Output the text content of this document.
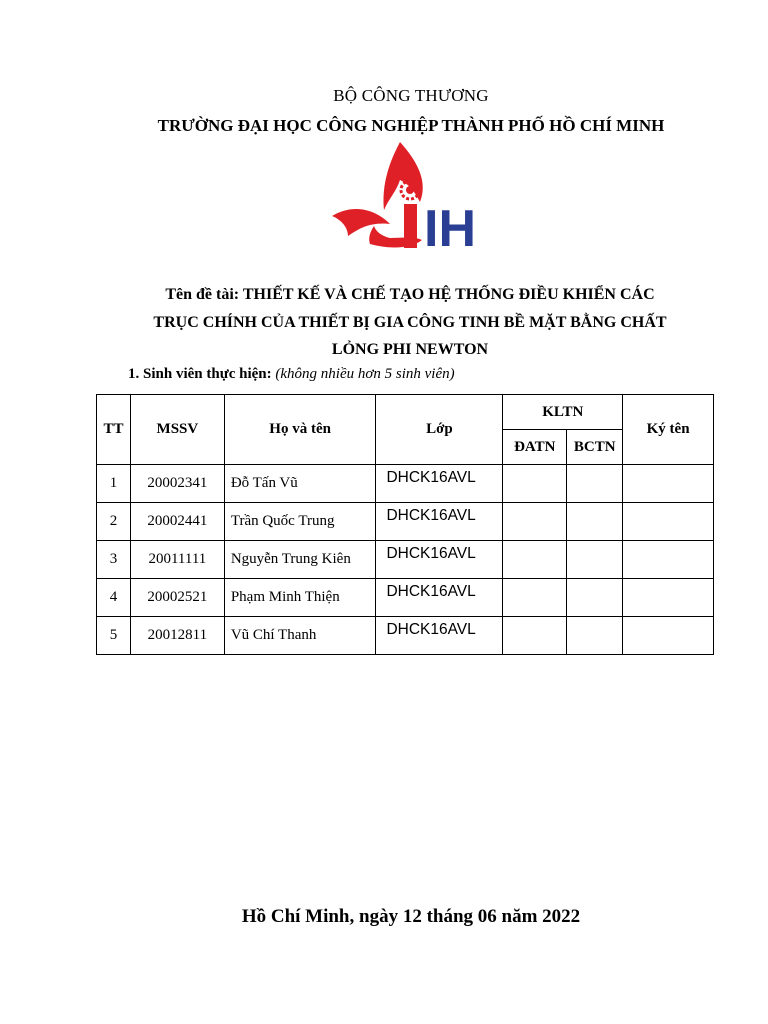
BỘ CÔNG THƯƠNG
TRƯỜNG ĐẠI HỌC CÔNG NGHIỆP THÀNH PHỐ HỒ CHÍ MINH
IH
Tên đề tài: THIẾT KẾ VÀ CHẾ TẠO HỆ THỐNG ĐIỀU KHIỂN CÁC
TRỤC CHÍNH CỦA THIẾT BỊ GIA CÔNG TINH BỀ MẶT BẰNG CHẤT
LỎNG PHI NEWTON
1. Sinh viên thực hiện: (không nhiều hơn 5 sinh viên)
TT	MSSV	Họ và tên	Lớp	KLTN		Ký tên
				ĐATN	BCTN	
1	20002341	Đỗ Tấn Vũ	DHCK16AVL			
2	20002441	Trần Quốc Trung	DHCK16AVL			
3	20011111	Nguyễn Trung Kiên	DHCK16AVL			
4	20002521	Phạm Minh Thiện	DHCK16AVL			
5	20012811	Vũ Chí Thanh	DHCK16AVL			
Hồ Chí Minh, ngày 12 tháng 06 năm 2022
